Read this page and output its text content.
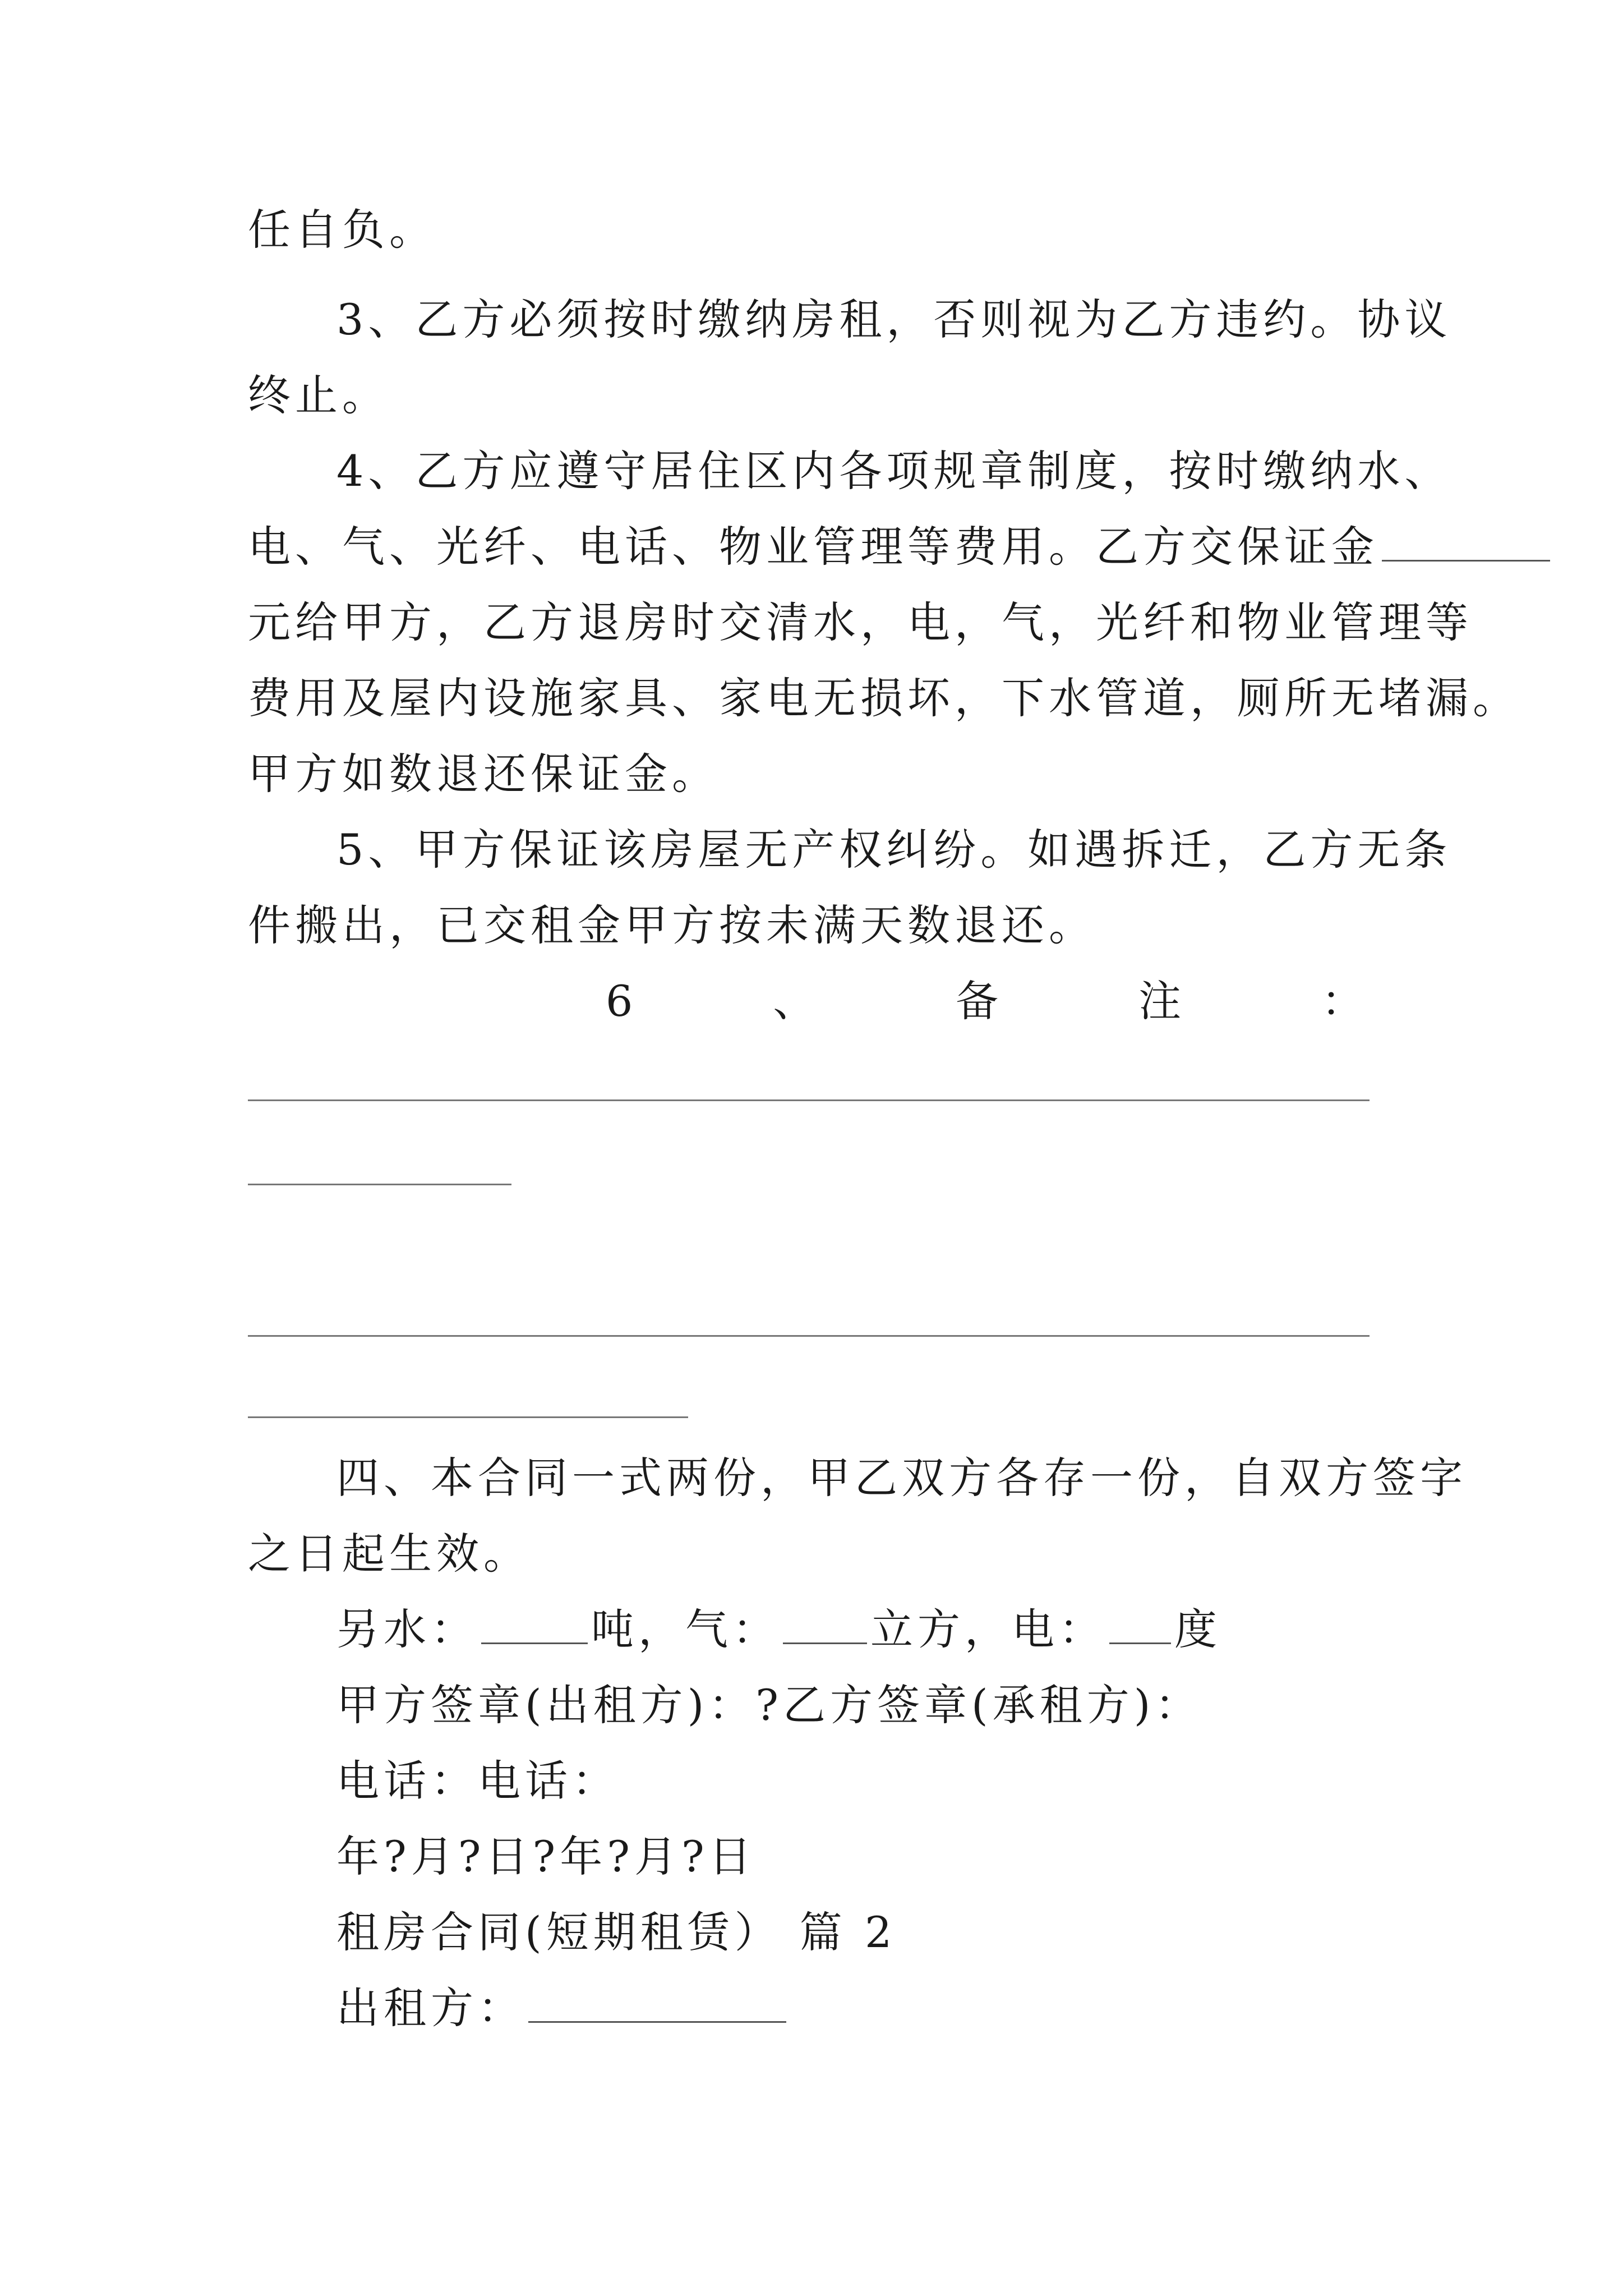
任自负。
3、乙方必须按时缴纳房租，否则视为乙方违约。协议
终止。
4、乙方应遵守居住区内各项规章制度，按时缴纳水、
电、气、光纤、电话、物业管理等费用。乙方交保证金
元给甲方，乙方退房时交清水，电，气，光纤和物业管理等
费用及屋内设施家具、家电无损坏，下水管道，厕所无堵漏。
甲方如数退还保证金。
5、甲方保证该房屋无产权纠纷。如遇拆迁，乙方无条
件搬出，已交租金甲方按未满天数退还。
6	、	备	注	：
四、本合同一式两份，甲乙双方各存一份，自双方签字
之日起生效。
另水：	吨，气： 立方，电： 度
甲方签章(出租方)：?乙方签章(承租方)：
电话：电话：
年?月?日?年?月?日
租房合同(短期租赁） 篇 2
出租方：
